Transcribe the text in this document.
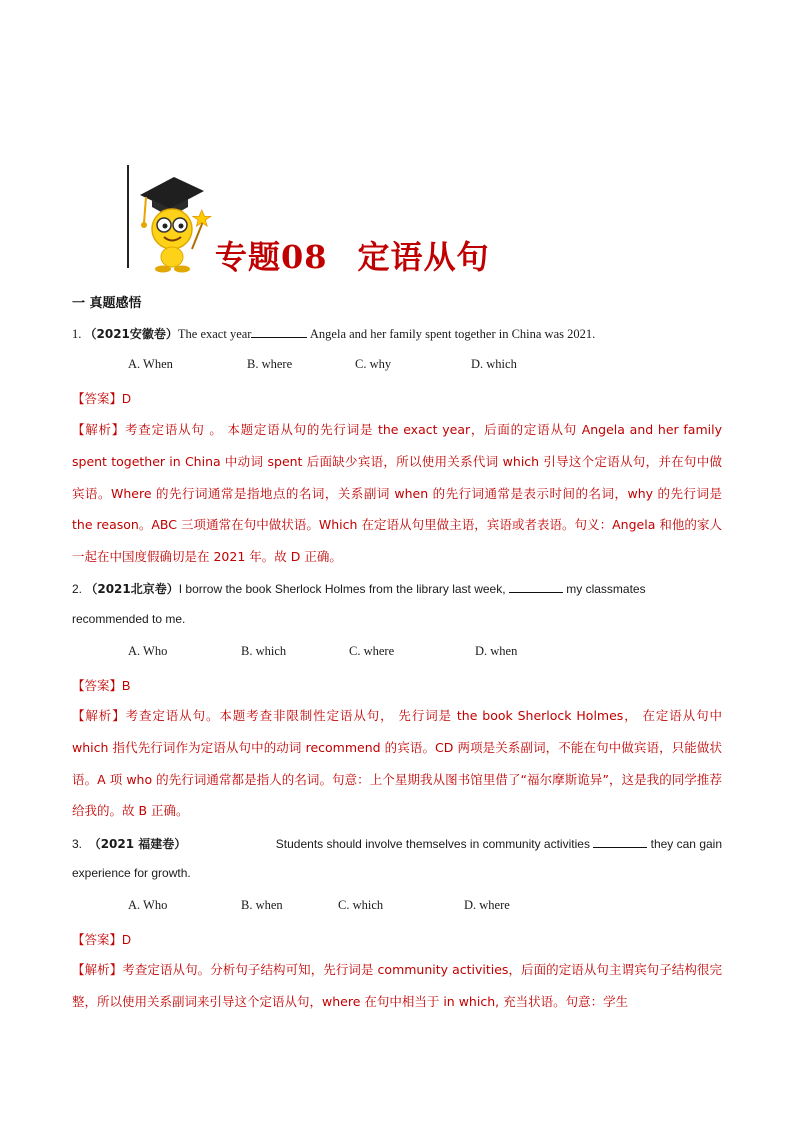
专题08 定语从句
一 真题感悟
1. （2021安徽卷）The exact year	Angela and her family spent together in China was 2021.
A. When	B. where	C. why	D. which
【答案】D
【解析】考查定语从句 。 本题定语从句的先行词是 the exact year，后面的定语从句 Angela and her family spent together in China 中动词 spent 后面缺少宾语，所以使用关系代词 which 引导这个定语从句，并在句中做宾语。Where 的先行词通常是指地点的名词，关系副词 when 的先行词通常是表示时间的名词，why 的先行词是 the reason。ABC 三项通常在句中做状语。Which 在定语从句里做主语，宾语或者表语。句义：Angela 和他的家人一起在中国度假确切是在 2021 年。故 D 正确。
2. （2021北京卷）I borrow the book Sherlock Holmes from the library last week,	my classmates
recommended to me.
A. Who	B. which	C. where	D. when
【答案】B
【解析】考查定语从句。本题考查非限制性定语从句， 先行词是 the book Sherlock Holmes， 在定语从句中 which 指代先行词作为定语从句中的动词 recommend 的宾语。CD 两项是关系副词，不能在句中做宾语，只能做状语。A 项 who 的先行词通常都是指人的名词。句意：上个星期我从图书馆里借了“福尔摩斯诡异”，这是我的同学推荐给我的。故 B 正确。
3. （2021 福建卷）	Students should involve themselves in community activities	they can gain
experience for growth.
A. Who	B. when	C. which	D. where
【答案】D
【解析】考查定语从句。分析句子结构可知，先行词是 community activities，后面的定语从句主谓宾句子结构很完整，所以使用关系副词来引导这个定语从句，where 在句中相当于 in which, 充当状语。句意：学生
